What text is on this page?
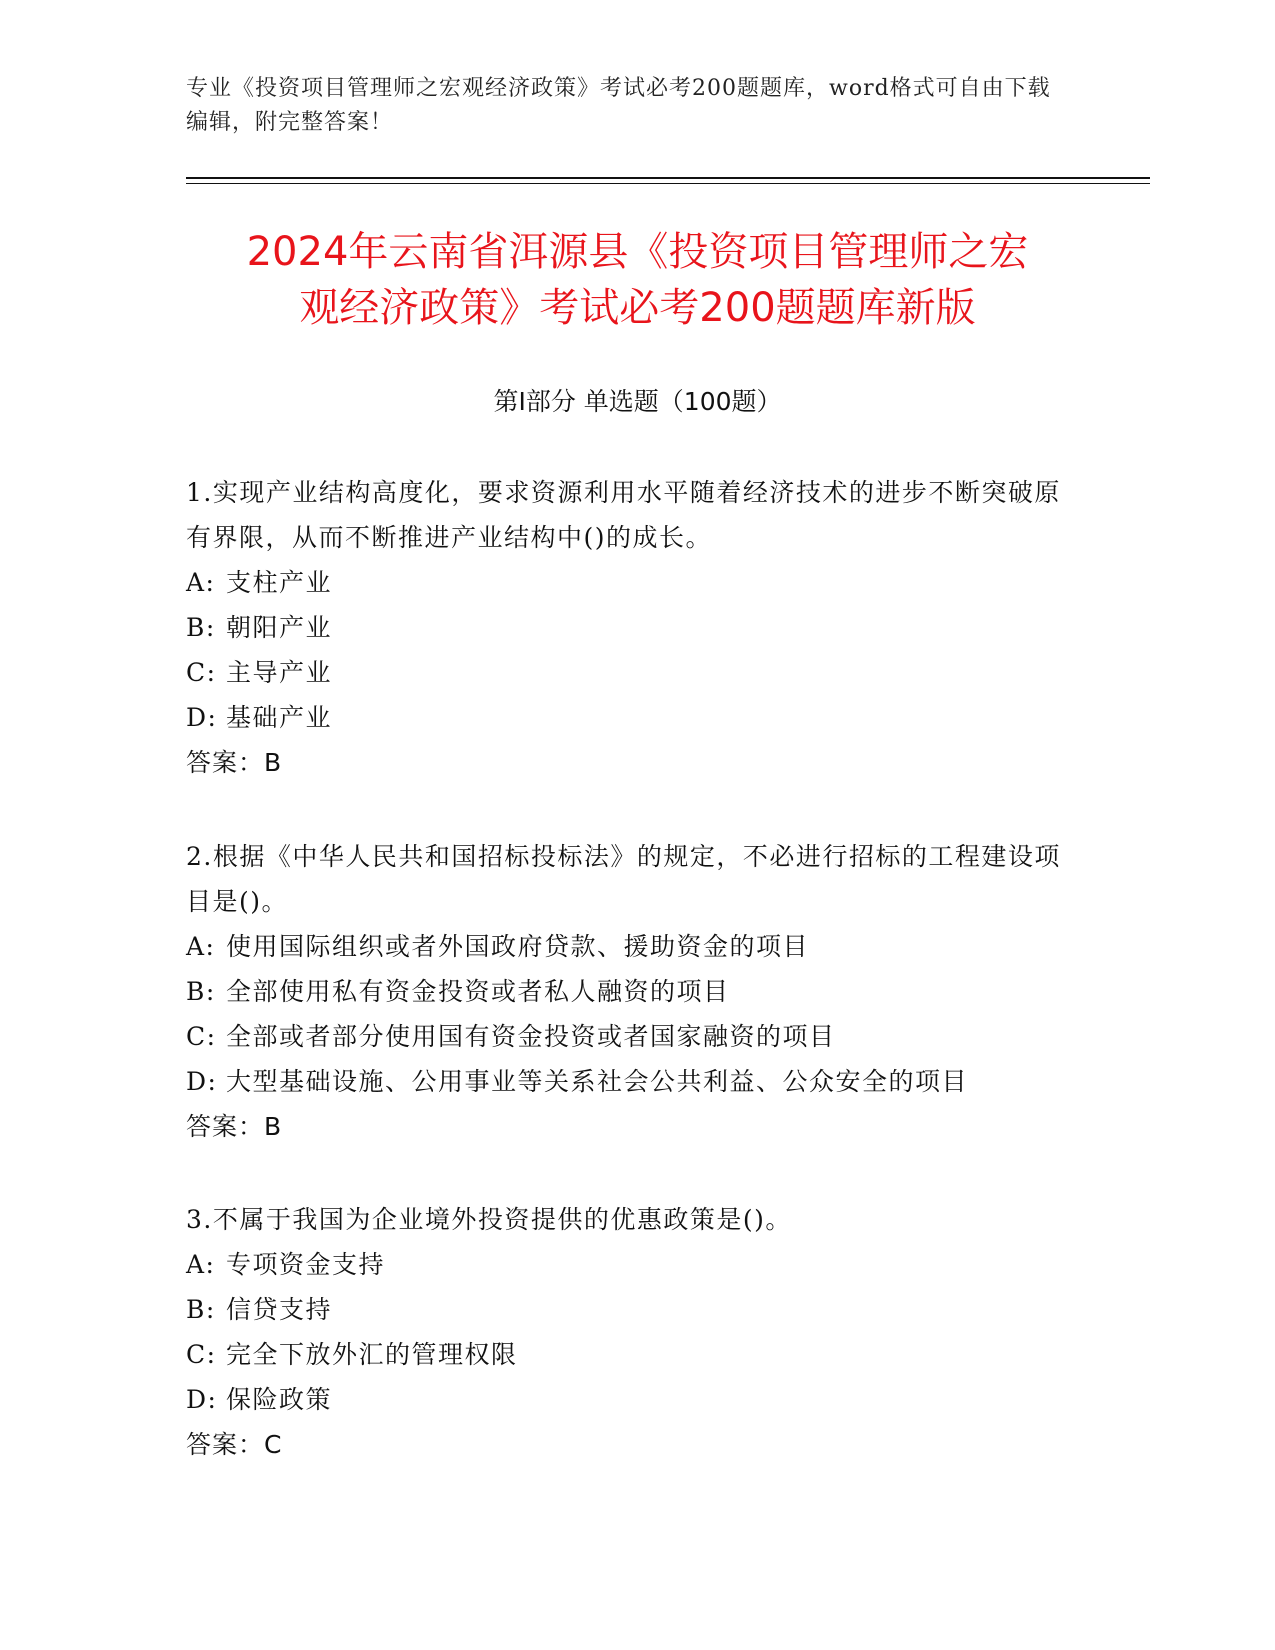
专业《投资项目管理师之宏观经济政策》考试必考200题题库，word格式可自由下载编辑，附完整答案！
2024年云南省洱源县《投资项目管理师之宏
观经济政策》考试必考200题题库新版
第I部分 单选题（100题）
1.实现产业结构高度化，要求资源利用水平随着经济技术的进步不断突破原有界限，从而不断推进产业结构中()的成长。
A: 支柱产业
B: 朝阳产业
C: 主导产业
D: 基础产业
答案：B
2.根据《中华人民共和国招标投标法》的规定，不必进行招标的工程建设项目是()。
A: 使用国际组织或者外国政府贷款、援助资金的项目
B: 全部使用私有资金投资或者私人融资的项目
C: 全部或者部分使用国有资金投资或者国家融资的项目
D: 大型基础设施、公用事业等关系社会公共利益、公众安全的项目
答案：B
3.不属于我国为企业境外投资提供的优惠政策是()。
A: 专项资金支持
B: 信贷支持
C: 完全下放外汇的管理权限
D: 保险政策
答案：C
